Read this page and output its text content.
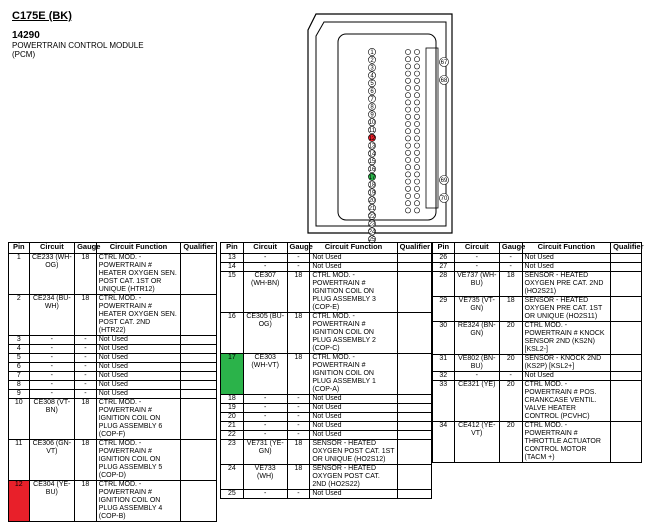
C175E (BK)
14290
POWERTRAIN CONTROL MODULE
(PCM)	1
2
3
4
5
6
7
8
9
10
11
12
13
14
15
16
17
18
19
20
21
22
23
24
25
67
68
69
70
Pin	Circuit	Gauge	Circuit Function	Qualifier
1	CE233 (WH-OG)	18	CTRL MOD. - POWERTRAIN # HEATER OXYGEN SEN. POST CAT. 1ST OR UNIQUE (HTR12)	
2	CE234 (BU-WH)	18	CTRL MOD. - POWERTRAIN # HEATER OXYGEN SEN. POST CAT. 2ND (HTR22)	
3	-	-	Not Used	
4	-	-	Not Used	
5	-	-	Not Used	
6	-	-	Not Used	
7	-	-	Not Used	
8	-	-	Not Used	
9	-	-	Not Used	
10	CE308 (VT-BN)	18	CTRL MOD. - POWERTRAIN # IGNITION COIL ON PLUG ASSEMBLY 6 (COP-F)	
11	CE306 (GN-VT)	18	CTRL MOD. - POWERTRAIN # IGNITION COIL ON PLUG ASSEMBLY 5 (COP-D)	
12	CE304 (YE-BU)	18	CTRL MOD. - POWERTRAIN # IGNITION COIL ON PLUG ASSEMBLY 4 (COP-B)	
Pin	Circuit	Gauge	Circuit Function	Qualifier
13	-	-	Not Used	
14	-	-	Not Used	
15	CE307 (WH-BN)	18	CTRL MOD. - POWERTRAIN # IGNITION COIL ON PLUG ASSEMBLY 3 (COP-E)	
16	CE305 (BU-OG)	18	CTRL MOD. - POWERTRAIN # IGNITION COIL ON PLUG ASSEMBLY 2 (COP-C)	
17	CE303 (WH-VT)	18	CTRL MOD. - POWERTRAIN # IGNITION COIL ON PLUG ASSEMBLY 1 (COP-A)	
18	-	-	Not Used	
19	-	-	Not Used	
20	-	-	Not Used	
21	-	-	Not Used	
22	-	-	Not Used	
23	VE731 (YE-GN)	18	SENSOR - HEATED OXYGEN POST CAT. 1ST OR UNIQUE (HO2S12)	
24	VE733 (WH)	18	SENSOR - HEATED OXYGEN POST CAT. 2ND (HO2S22)	
25	-	-	Not Used	
Pin	Circuit	Gauge	Circuit Function	Qualifier
26	-	-	Not Used	
27	-	-	Not Used	
28	VE737 (WH-BU)	18	SENSOR - HEATED OXYGEN PRE CAT. 2ND (HO2S21)	
29	VE735 (VT-GN)	18	SENSOR - HEATED OXYGEN PRE CAT. 1ST OR UNIQUE (HO2S11)	
30	RE324 (BN-GN)	20	CTRL MOD. - POWERTRAIN # KNOCK SENSOR 2ND (KS2N) [KSL2-]	
31	VE802 (BN-BU)	20	SENSOR - KNOCK 2ND (KS2P) [KSL2+]	
32	-	-	Not Used	
33	CE321 (YE)	20	CTRL MOD. - POWERTRAIN # POS. CRANKCASE VENTIL. VALVE HEATER CONTROL (PCVHC)	
34	CE412 (YE-VT)	20	CTRL MOD. - POWERTRAIN # THROTTLE ACTUATOR CONTROL MOTOR (TACM +)	
